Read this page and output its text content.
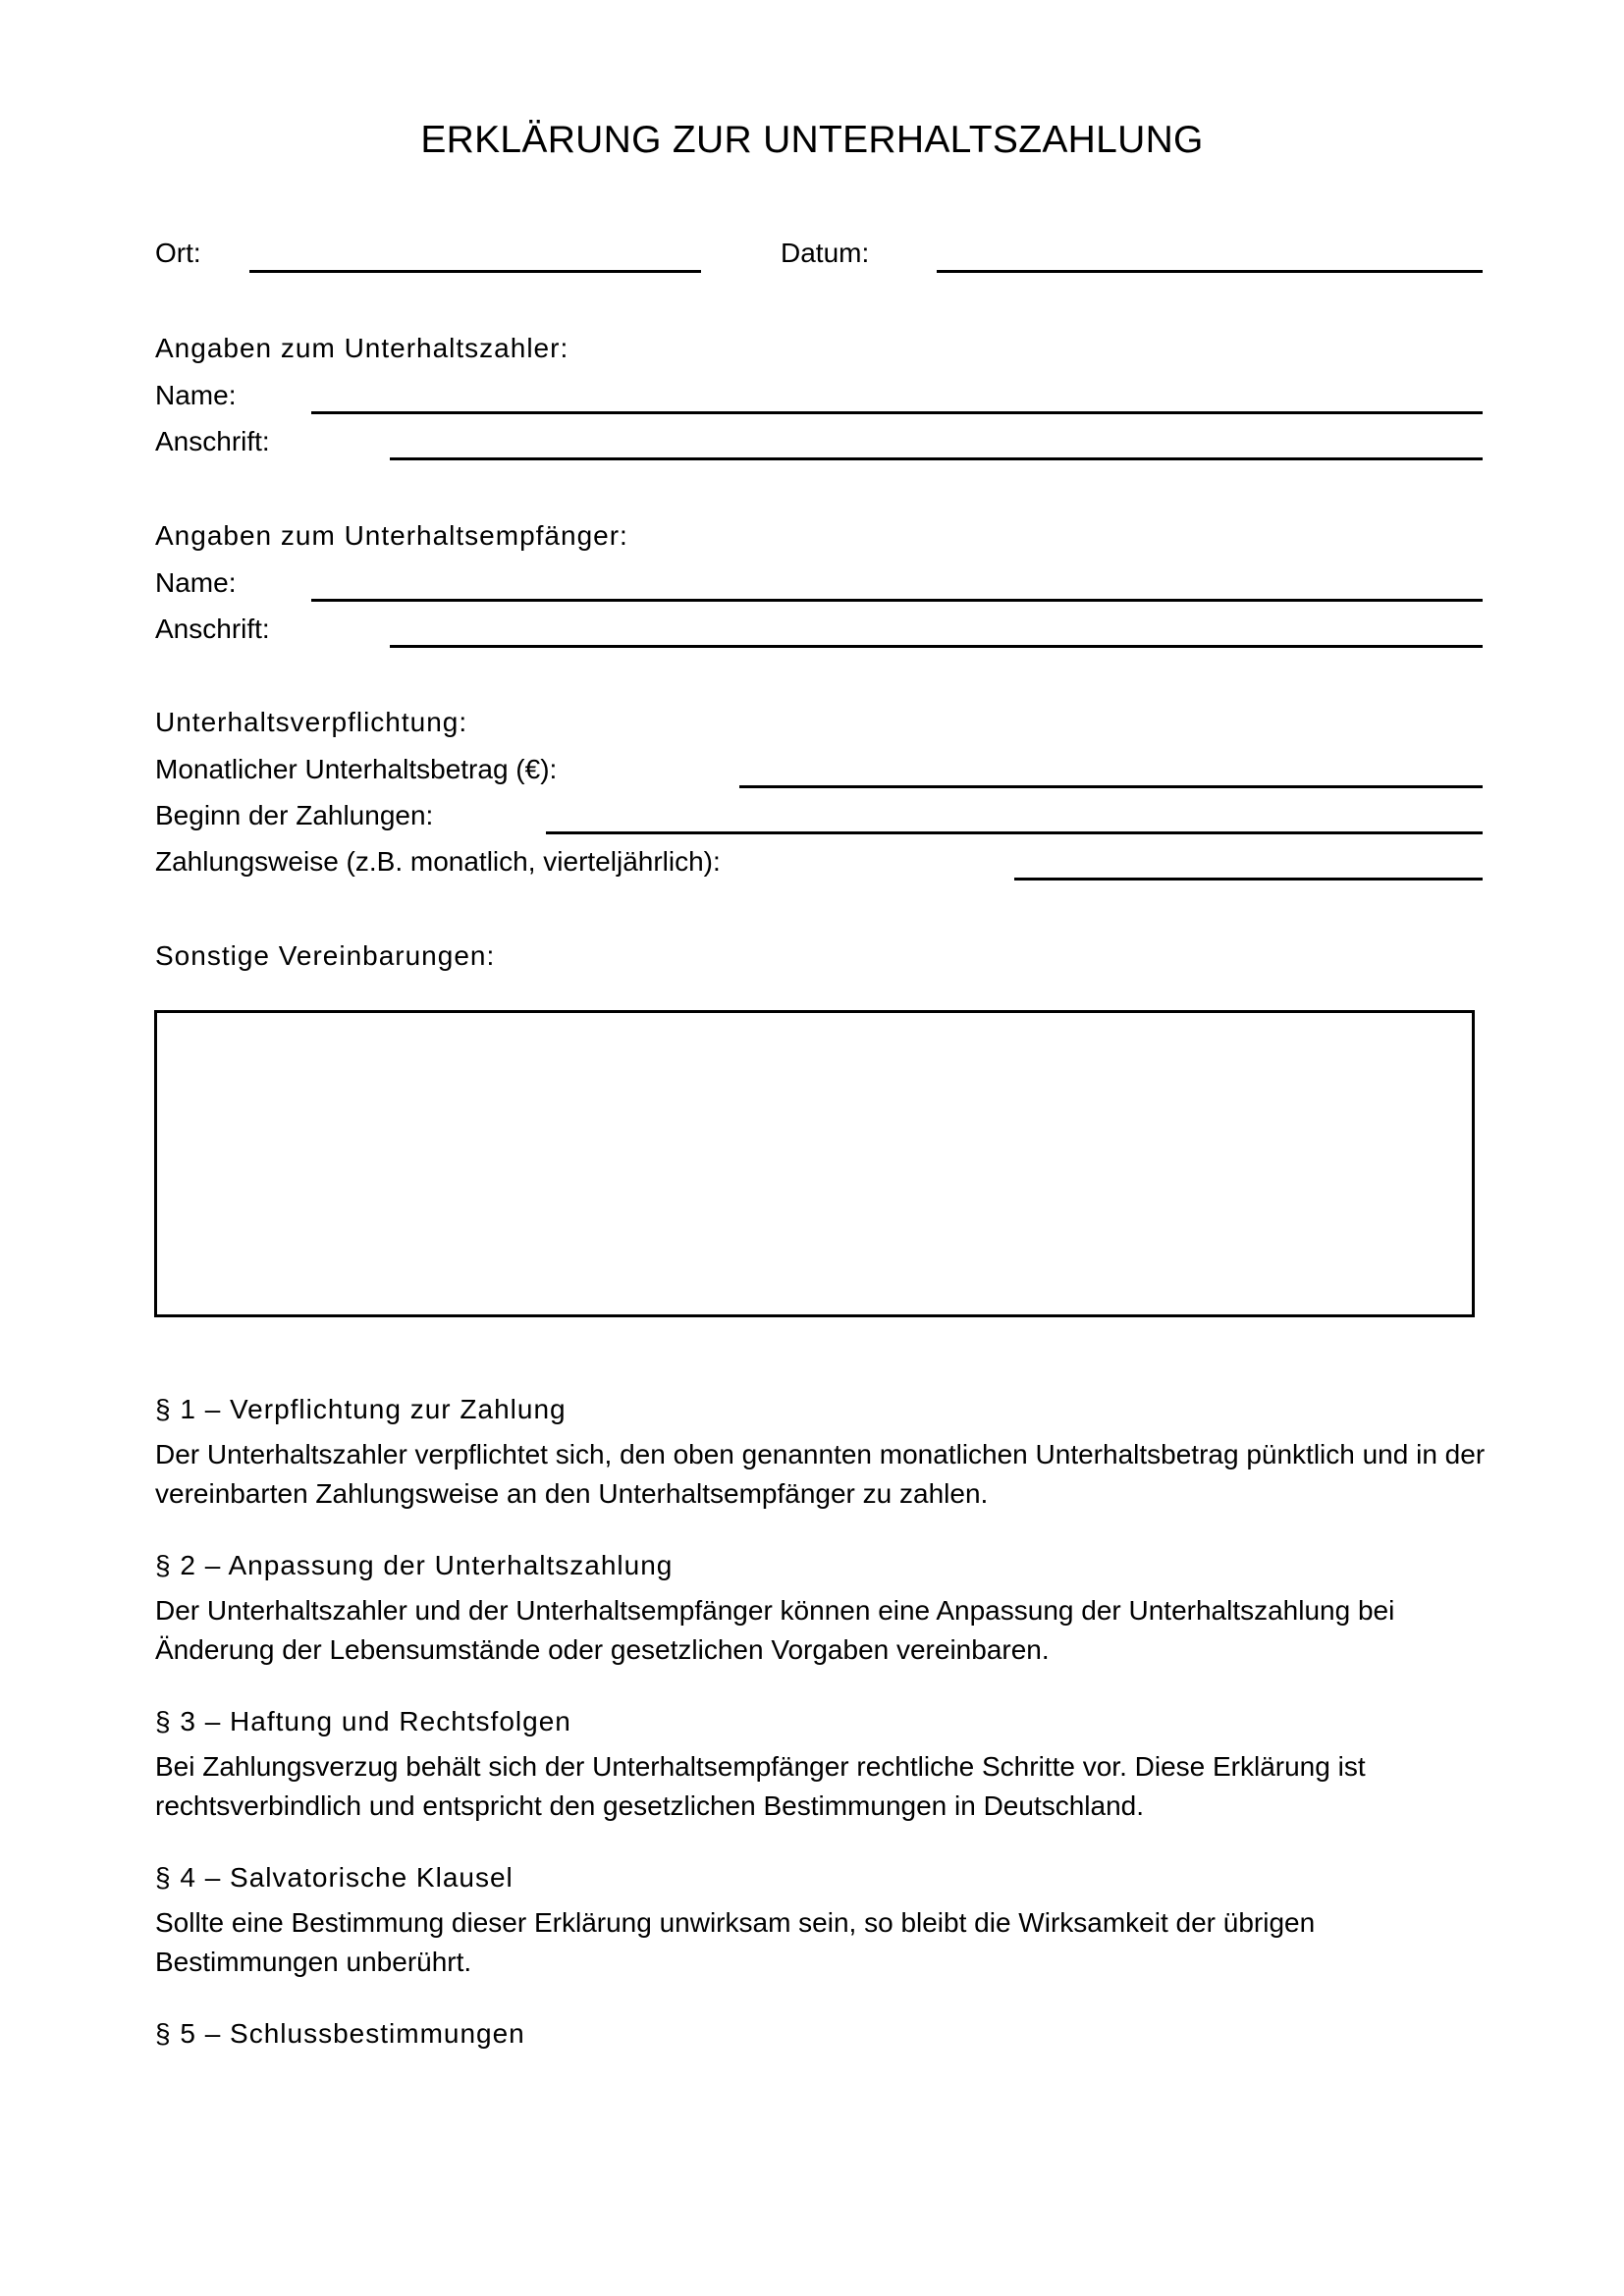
ERKLÄRUNG ZUR UNTERHALTSZAHLUNG
Ort:	Datum:
Angaben zum Unterhaltszahler:
Name:
Anschrift:
Angaben zum Unterhaltsempfänger:
Name:
Anschrift:
Unterhaltsverpflichtung:
Monatlicher Unterhaltsbetrag (€):
Beginn der Zahlungen:
Zahlungsweise (z.B. monatlich, vierteljährlich):
Sonstige Vereinbarungen:
§ 1 – Verpflichtung zur Zahlung
Der Unterhaltszahler verpflichtet sich, den oben genannten monatlichen Unterhaltsbetrag pünktlich und in der vereinbarten Zahlungsweise an den Unterhaltsempfänger zu zahlen.
§ 2 – Anpassung der Unterhaltszahlung
Der Unterhaltszahler und der Unterhaltsempfänger können eine Anpassung der Unterhaltszahlung bei Änderung der Lebensumstände oder gesetzlichen Vorgaben vereinbaren.
§ 3 – Haftung und Rechtsfolgen
Bei Zahlungsverzug behält sich der Unterhaltsempfänger rechtliche Schritte vor. Diese Erklärung ist rechtsverbindlich und entspricht den gesetzlichen Bestimmungen in Deutschland.
§ 4 – Salvatorische Klausel
Sollte eine Bestimmung dieser Erklärung unwirksam sein, so bleibt die Wirksamkeit der übrigen Bestimmungen unberührt.
§ 5 – Schlussbestimmungen
